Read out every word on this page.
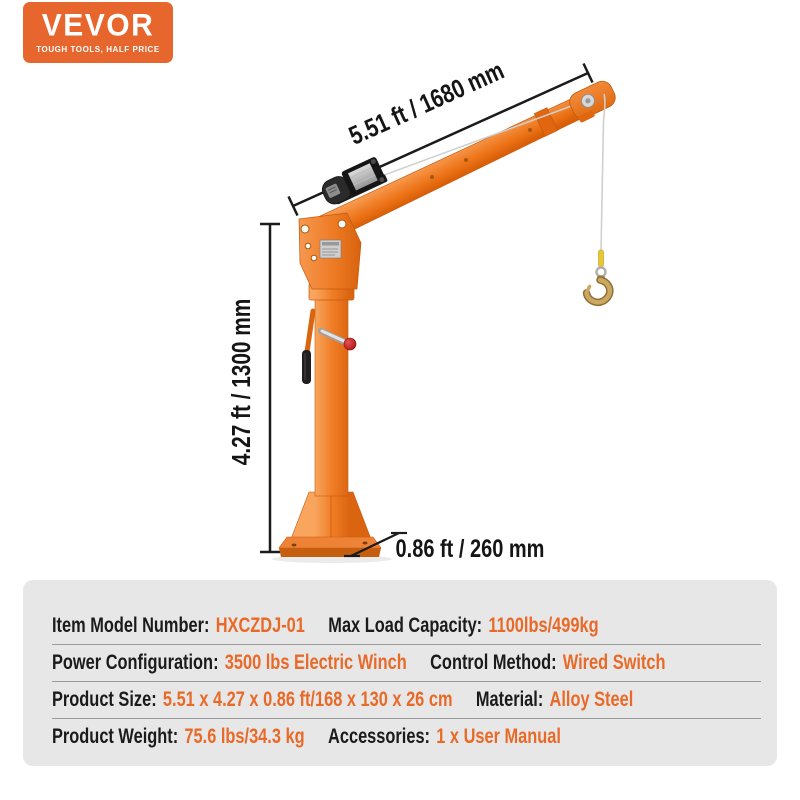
VEVOR
TOUGH TOOLS, HALF PRICE
4.27 ft / 1300 mm
5.51 ft / 1680 mm
0.86 ft / 260 mm
Item Model Number: HXCZDJ-01 Max Load Capacity: 1100lbs/499kg
Power Configuration: 3500 lbs Electric Winch Control Method: Wired Switch
Product Size: 5.51 x 4.27 x 0.86 ft/168 x 130 x 26 cm Material: Alloy Steel
Product Weight: 75.6 lbs/34.3 kg Accessories: 1 x User Manual
